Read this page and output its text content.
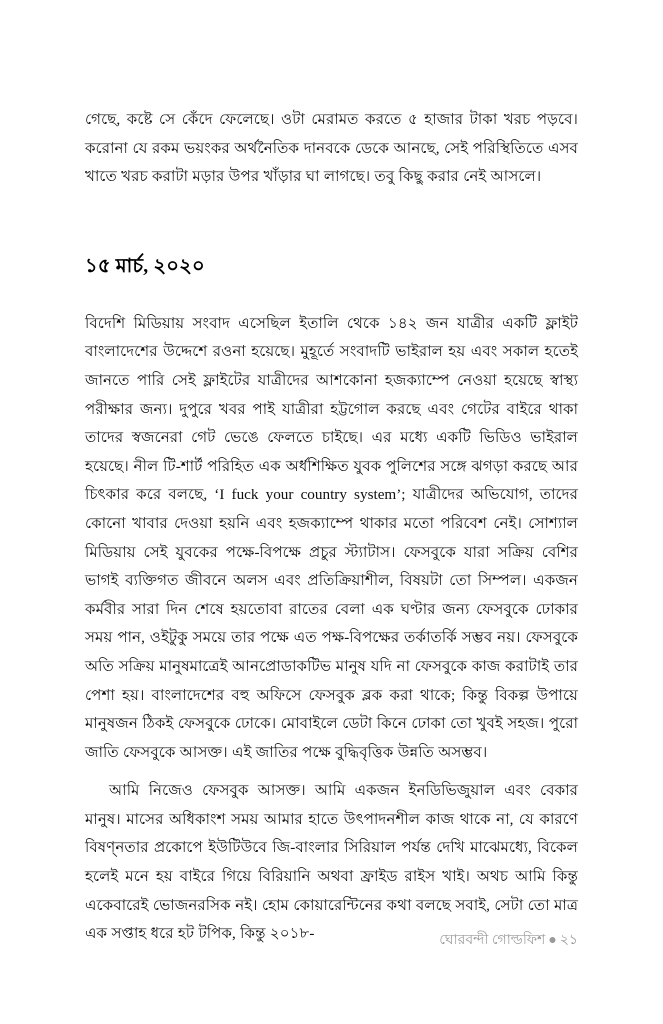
গেছে, কষ্টে সে কেঁদে ফেলেছে। ওটা মেরামত করতে ৫ হাজার টাকা খরচ পড়বে। করোনা যে রকম ভয়ংকর অর্থনৈতিক দানবকে ডেকে আনছে, সেই পরিস্থিতিতে এসব খাতে খরচ করাটা মড়ার উপর খাঁড়ার ঘা লাগছে। তবু কিছু করার নেই আসলে।

১৫ মার্চ, ২০২০

বিদেশি মিডিয়ায় সংবাদ এসেছিল ইতালি থেকে ১৪২ জন যাত্রীর একটি ফ্লাইট বাংলাদেশের উদ্দেশে রওনা হয়েছে। মুহূর্তে সংবাদটি ভাইরাল হয় এবং সকাল হতেই জানতে পারি সেই ফ্লাইটের যাত্রীদের আশকোনা হজক্যাম্পে নেওয়া হয়েছে স্বাস্থ্য পরীক্ষার জন্য। দুপুরে খবর পাই যাত্রীরা হট্টগোল করছে এবং গেটের বাইরে থাকা তাদের স্বজনেরা গেট ভেঙে ফেলতে চাইছে। এর মধ্যে একটি ভিডিও ভাইরাল হয়েছে। নীল টি-শার্ট পরিহিত এক অর্ধশিক্ষিত যুবক পুলিশের সঙ্গে ঝগড়া করছে আর চিৎকার করে বলছে, ‘I fuck your country system’; যাত্রীদের অভিযোগ, তাদের কোনো খাবার দেওয়া হয়নি এবং হজক্যাম্পে থাকার মতো পরিবেশ নেই। সোশ্যাল মিডিয়ায় সেই যুবকের পক্ষে-বিপক্ষে প্রচুর স্ট্যাটাস। ফেসবুকে যারা সক্রিয় বেশির ভাগই ব্যক্তিগত জীবনে অলস এবং প্রতিক্রিয়াশীল, বিষয়টা তো সিম্পল। একজন কর্মবীর সারা দিন শেষে হয়তোবা রাতের বেলা এক ঘণ্টার জন্য ফেসবুকে ঢোকার সময় পান, ওইটুকু সময়ে তার পক্ষে এত পক্ষ-বিপক্ষের তর্কাতর্কি সম্ভব নয়। ফেসবুকে অতি সক্রিয় মানুষমাত্রেই আনপ্রোডাকটিভ মানুষ যদি না ফেসবুকে কাজ করাটাই তার পেশা হয়। বাংলাদেশের বহু অফিসে ফেসবুক ব্লক করা থাকে; কিন্তু বিকল্প উপায়ে মানুষজন ঠিকই ফেসবুকে ঢোকে। মোবাইলে ডেটা কিনে ঢোকা তো খুবই সহজ। পুরো জাতি ফেসবুকে আসক্ত। এই জাতির পক্ষে বুদ্ধিবৃত্তিক উন্নতি অসম্ভব।

আমি নিজেও ফেসবুক আসক্ত। আমি একজন ইনডিভিজুয়াল এবং বেকার মানুষ। মাসের অধিকাংশ সময় আমার হাতে উৎপাদনশীল কাজ থাকে না, যে কারণে বিষণ্নতার প্রকোপে ইউটিউবে জি-বাংলার সিরিয়াল পর্যন্ত দেখি মাঝেমধ্যে, বিকেল হলেই মনে হয় বাইরে গিয়ে বিরিয়ানি অথবা ফ্রাইড রাইস খাই। অথচ আমি কিন্তু একেবারেই ভোজনরসিক নই। হোম কোয়ারেন্টিনের কথা বলছে সবাই, সেটা তো মাত্র এক সপ্তাহ ধরে হট টপিক, কিন্তু ২০১৮-	ঘোরবন্দী গোল্ডফিশ ● ২১
